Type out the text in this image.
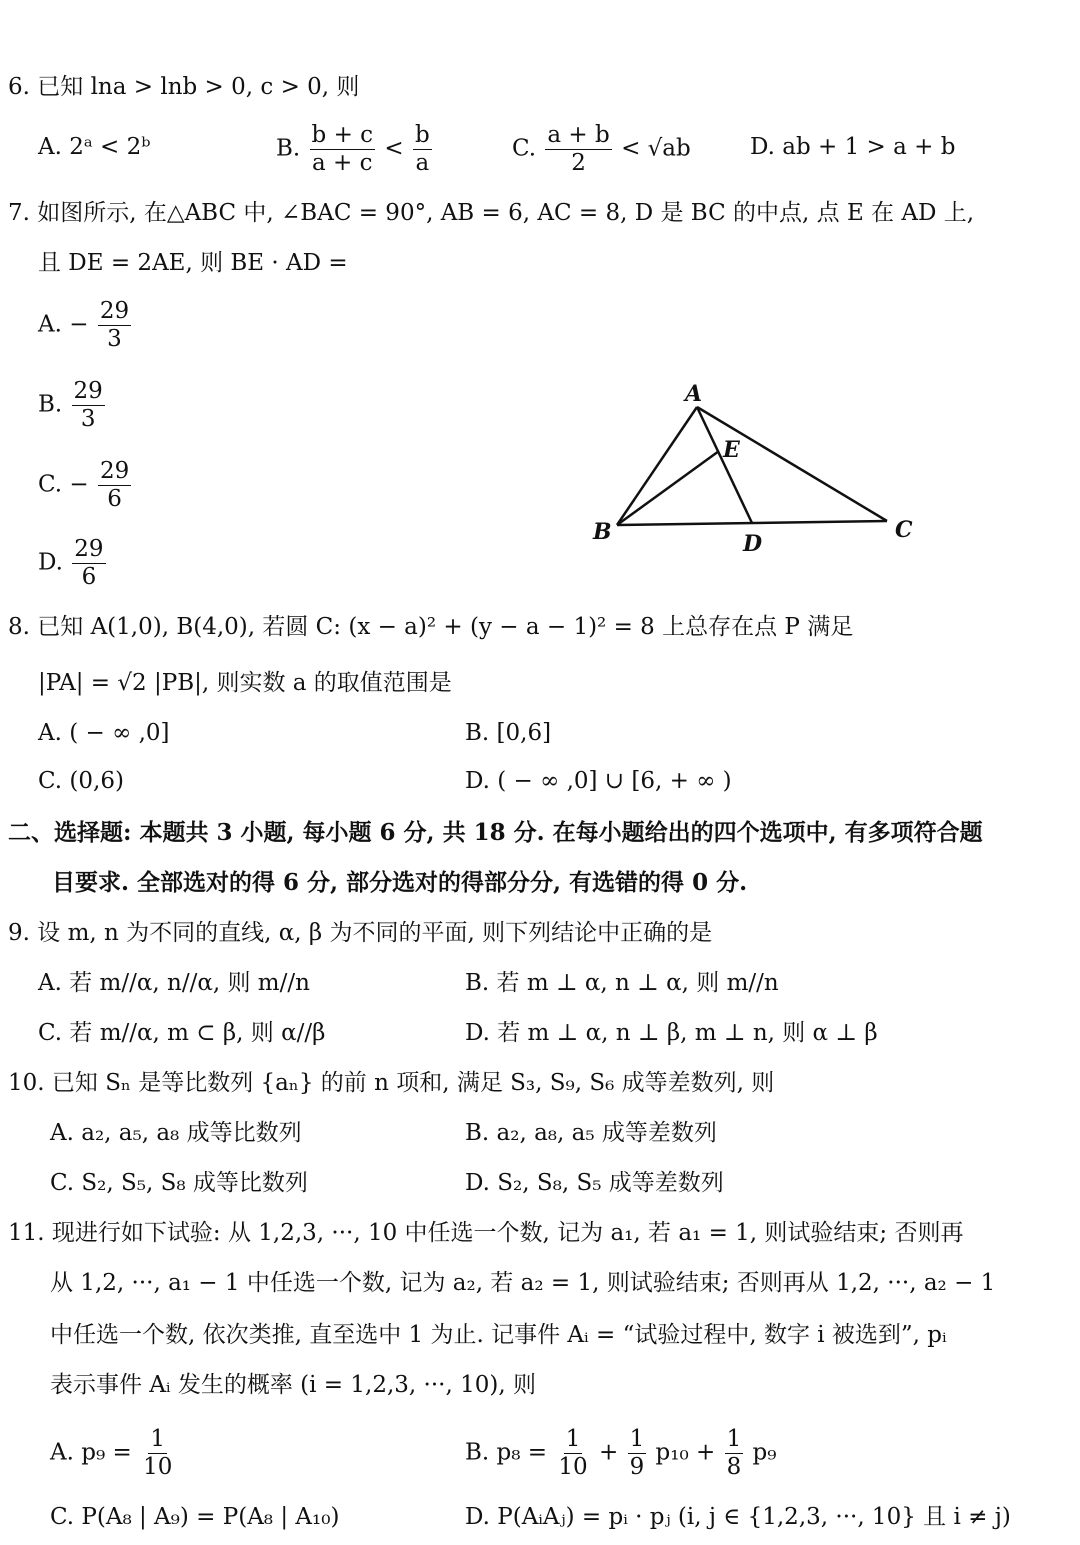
6. 已知 lna > lnb > 0, c > 0, 则
A. 2ᵃ < 2ᵇ	B. $\frac{b + c}{a + c} < \frac{b}{a}$	C. $\frac{a + b}{2} < √ab$	D. ab + 1 > a + b
7. 如图所示, 在△ABC 中, ∠BAC = 90°, AB = 6, AC = 8, D 是 BC 的中点, 点 E 在 AD 上,
且 DE = 2AE, 则 BE · AD =
A. − $\frac{29}{3}$
B. $\frac{29}{3}$
C. − $\frac{29}{6}$
D. $\frac{29}{6}$
A
E
B	D
C
8. 已知 A(1,0), B(4,0), 若圆 C: (x − a)² + (y − a − 1)² = 8 上总存在点 P 满足
|PA| = √2 |PB|, 则实数 a 的取值范围是
A. ( − ∞ ,0]	B. [0,6]
C. (0,6)	D. ( − ∞ ,0] ∪ [6, + ∞ )
二、选择题: 本题共 3 小题, 每小题 6 分, 共 18 分. 在每小题给出的四个选项中, 有多项符合题
目要求. 全部选对的得 6 分, 部分选对的得部分分, 有选错的得 0 分.
9. 设 m, n 为不同的直线, α, β 为不同的平面, 则下列结论中正确的是
A. 若 m//α, n//α, 则 m//n	B. 若 m ⊥ α, n ⊥ α, 则 m//n
C. 若 m//α, m ⊂ β, 则 α//β	D. 若 m ⊥ α, n ⊥ β, m ⊥ n, 则 α ⊥ β
10. 已知 Sₙ 是等比数列 {aₙ} 的前 n 项和, 满足 S₃, S₉, S₆ 成等差数列, 则
A. a₂, a₅, a₈ 成等比数列	B. a₂, a₈, a₅ 成等差数列
C. S₂, S₅, S₈ 成等比数列	D. S₂, S₈, S₅ 成等差数列
11. 现进行如下试验: 从 1,2,3, ···, 10 中任选一个数, 记为 a₁, 若 a₁ = 1, 则试验结束; 否则再
从 1,2, ···, a₁ − 1 中任选一个数, 记为 a₂, 若 a₂ = 1, 则试验结束; 否则再从 1,2, ···, a₂ − 1
中任选一个数, 依次类推, 直至选中 1 为止. 记事件 Aᵢ = “试验过程中, 数字 i 被选到”, pᵢ
表示事件 Aᵢ 发生的概率 (i = 1,2,3, ···, 10), 则
A. $p_9 = \frac{1}{10}$	B. $p_8 = \frac{1}{10} + \frac{1}{9} p_{10} + \frac{1}{8} p_9$
C. P(A₈ | A₉) = P(A₈ | A₁₀)	D. P(AᵢAⱼ) = pᵢ · pⱼ (i, j ∈ {1,2,3, ···, 10} 且 i ≠ j)
